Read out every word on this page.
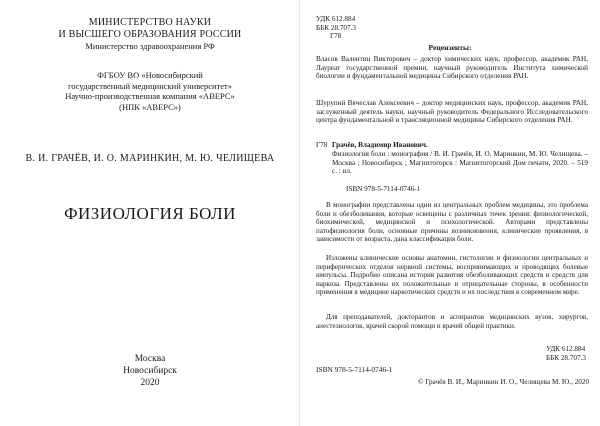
МИНИСТЕРСТВО НАУКИ
И ВЫСШЕГО ОБРАЗОВАНИЯ РОССИИ
Министерство здравоохранения РФ
ФГБОУ ВО «Новосибирский
государственный медицинский университет»
Научно-производственная компания «АВЕРС»
(НПК «АВЕРС»)
В. И. ГРАЧЁВ, И. О. МАРИНКИН, М. Ю. ЧЕЛИЩЕВА
ФИЗИОЛОГИЯ БОЛИ
Москва
Новосибирск
2020
УДК 612.884
ББК 28.707.3
Г78
Рецензенты:
Власов Валентин Викторович – доктор химических наук, профессор, академик РАН, Лауреат государственной премии, научный руководитель Института химической биологии и фундаментальной медицины Сибирского отделения РАН.
Шурупий Вячеслав Алексеевич – доктор медицинских наук, профессор, академик РАН, заслуженный деятель науки, научный руководитель Федерального Исследовательского центра фундаментальной и трансляционной медицины Сибирского отделения РАН.
Г78 Грачёв, Владимир Иванович.
Физиология боли : монография / В. И. Грачёв, И. О. Маринкин, М. Ю. Челищева. – Москва ; Новосибирск ; Магнитогорск : Магнитогорский Дом печати, 2020. – 519 с. : ил.
ISBN 978-5-7114-0746-1
В монографии представлены одни из центральных проблем медицины, это проблема боли и обезболивания, которые освещены с различных точек зрения: физиологической, биохимической, медицинской и психологической. Авторами представлены патофизиология боли, основные причины возникновения, клинические проявления, в зависимости от возраста, дана классификация боли.
Изложены клинические основы анатомии, гистологии и физиологии центральных и периферических отделов нервной системы, воспринимающих и проводящих болевые импульсы. Подробно описана история развития обезболивающих средств и средств для наркоза. Представлены их положительные и отрицательные стороны, в особенности применения в медицине наркотических средств и их последствия в современном мире.
Для преподавателей, докторантов и аспирантов медицинских вузов, хирургов, анестезиологов, врачей скорой помощи и врачей общей практики.
УДК 612.884
ББК 28.707.3
ISBN 978-5-7114-0746-1
© Грачёв В. И., Маринкин И. О., Челищева М. Ю., 2020
